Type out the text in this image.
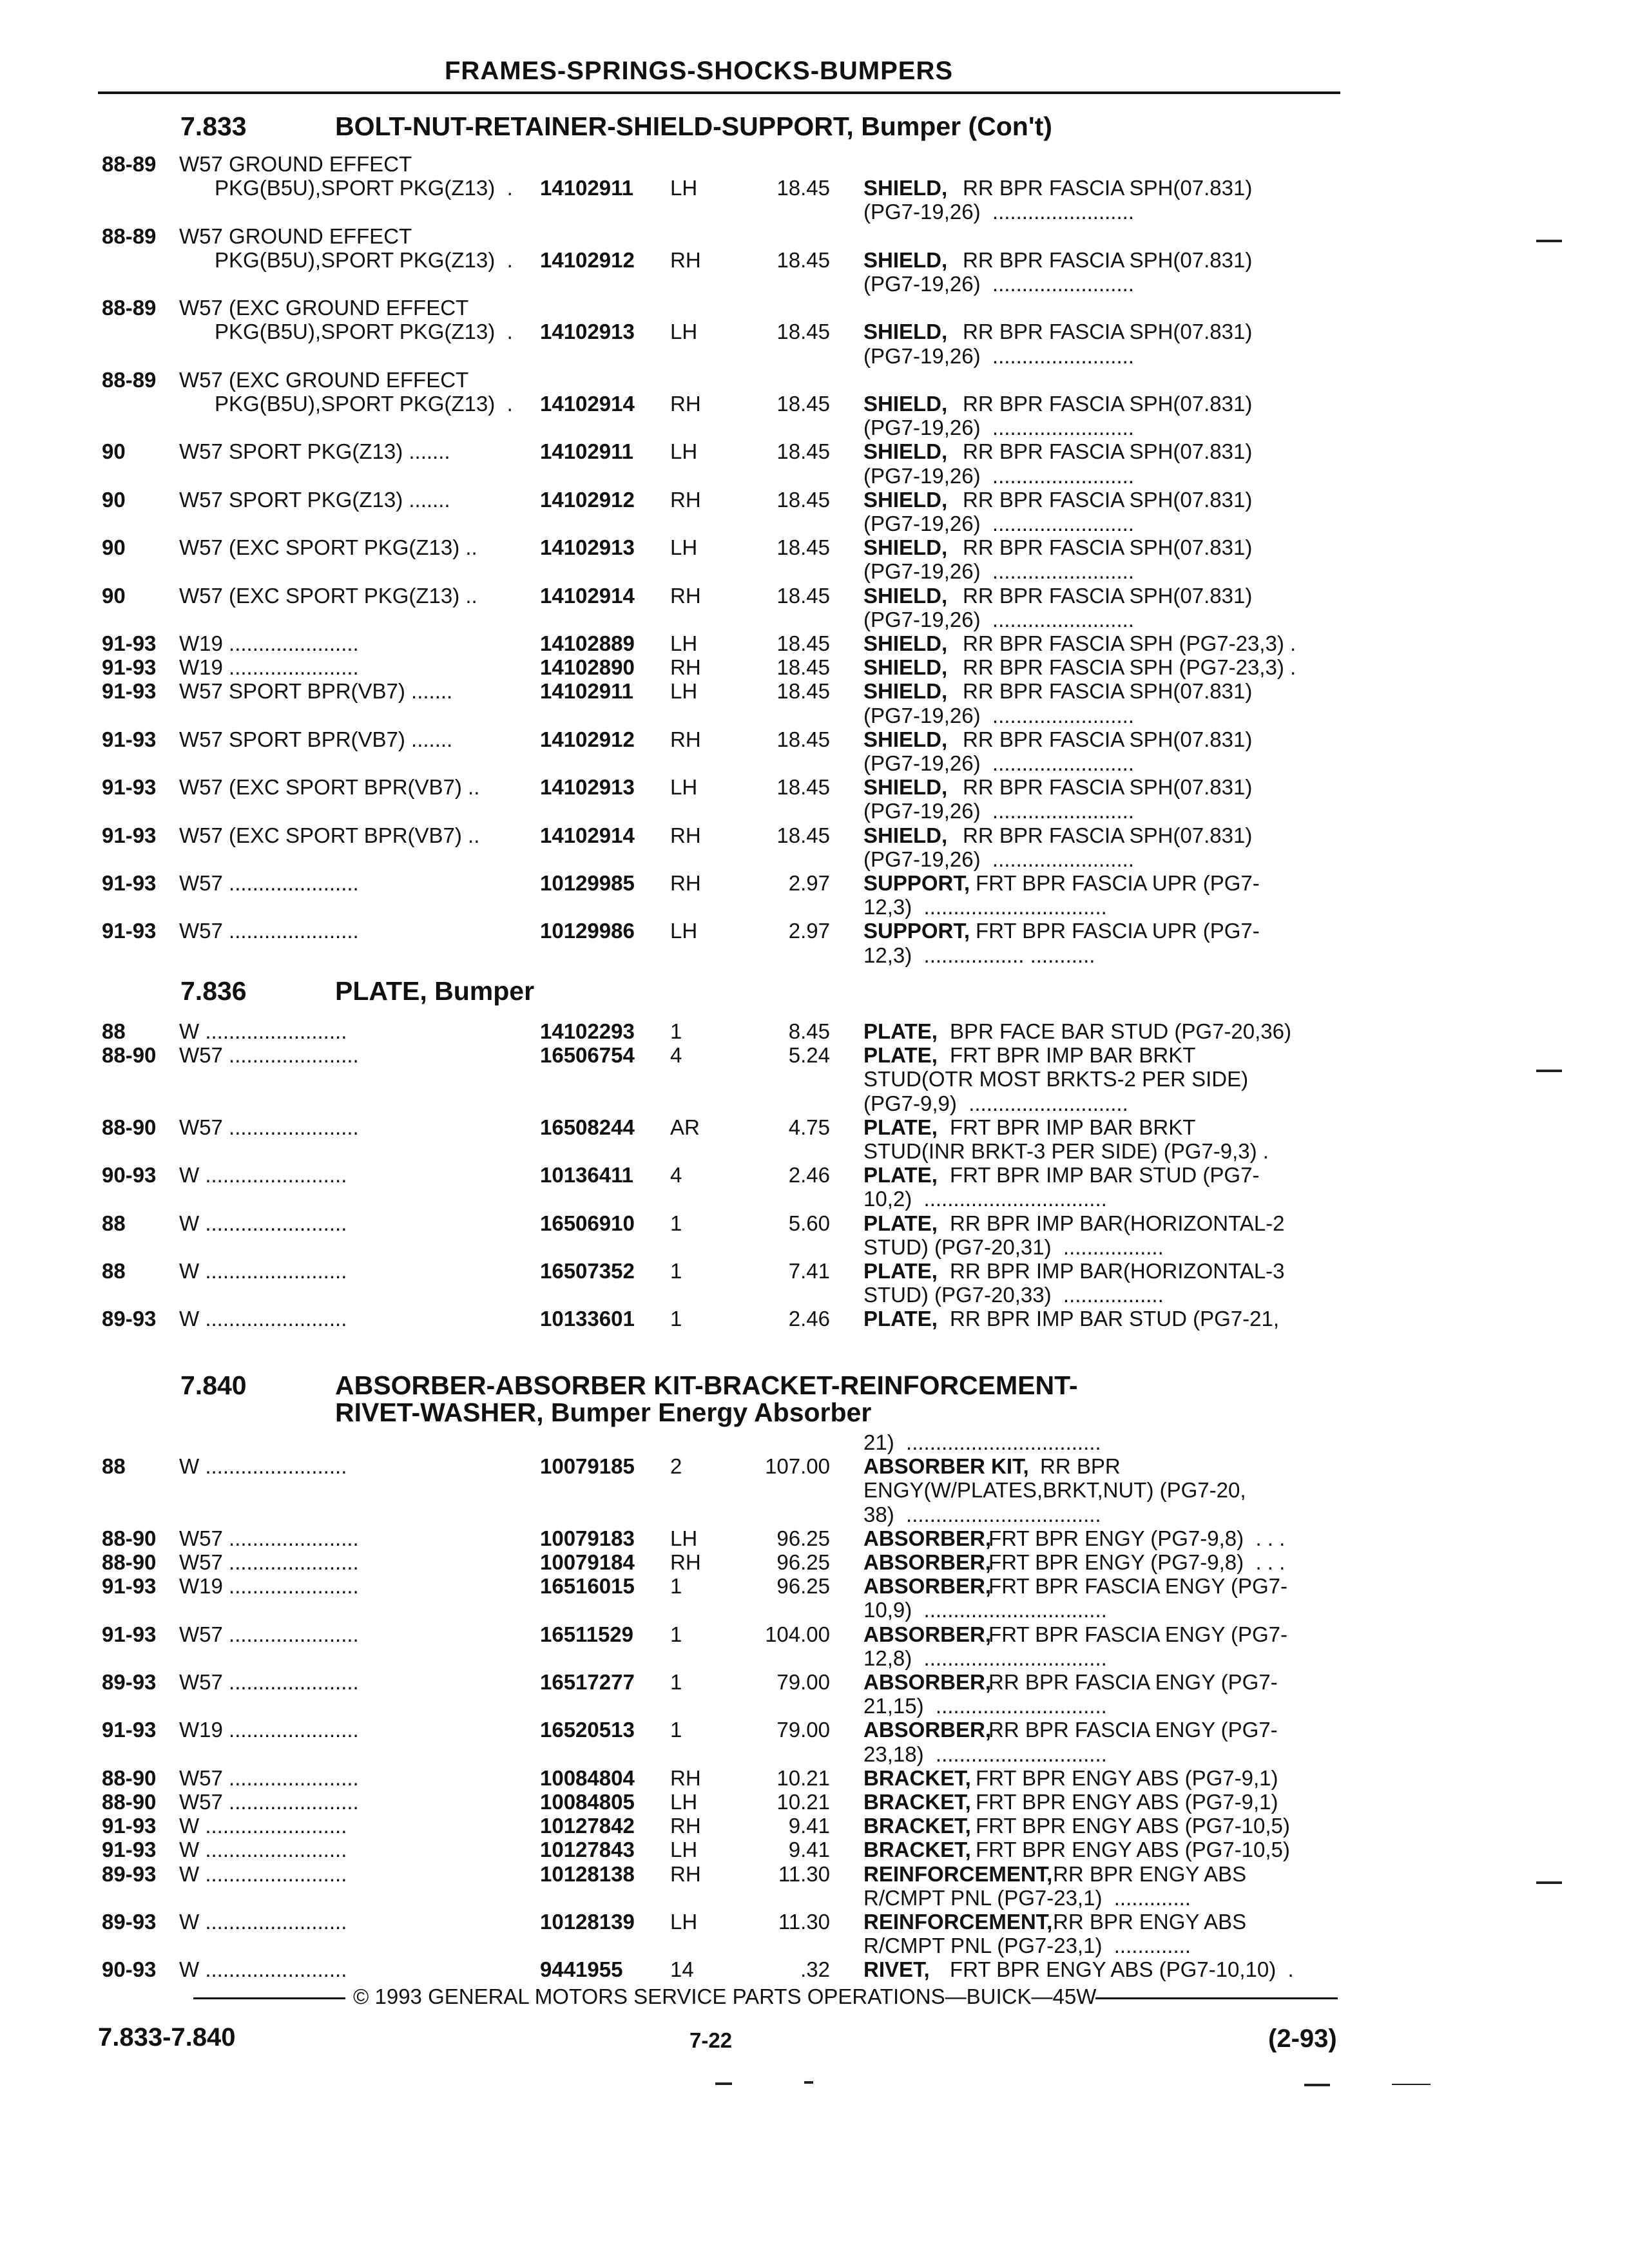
FRAMES-SPRINGS-SHOCKS-BUMPERS
7.833	BOLT-NUT-RETAINER-SHIELD-SUPPORT, Bumper (Con't)
7.836	PLATE, Bumper
7.840	ABSORBER-ABSORBER KIT-BRACKET-REINFORCEMENT-
RIVET-WASHER, Bumper Energy Absorber
88-89 W57 GROUND EFFECT
PKG(B5U),SPORT PKG(Z13)  . 14102911 LH	18.45 SHIELD, RR BPR FASCIA SPH(07.831)
(PG7-19,26)  ........................
88-89 W57 GROUND EFFECT
PKG(B5U),SPORT PKG(Z13)  . 14102912 RH	18.45 SHIELD, RR BPR FASCIA SPH(07.831)
(PG7-19,26)  ........................
88-89 W57 (EXC GROUND EFFECT
PKG(B5U),SPORT PKG(Z13)  . 14102913 LH	18.45 SHIELD, RR BPR FASCIA SPH(07.831)
(PG7-19,26)  ........................
88-89 W57 (EXC GROUND EFFECT
PKG(B5U),SPORT PKG(Z13)  . 14102914 RH	18.45 SHIELD, RR BPR FASCIA SPH(07.831)
(PG7-19,26)  ........................
90	W57 SPORT PKG(Z13) .......	14102911 LH	18.45 SHIELD, RR BPR FASCIA SPH(07.831)
(PG7-19,26)  ........................
90	W57 SPORT PKG(Z13) .......	14102912 RH	18.45 SHIELD, RR BPR FASCIA SPH(07.831)
(PG7-19,26)  ........................
90	W57 (EXC SPORT PKG(Z13) ..	14102913 LH	18.45 SHIELD, RR BPR FASCIA SPH(07.831)
(PG7-19,26)  ........................
90	W57 (EXC SPORT PKG(Z13) ..	14102914 RH	18.45 SHIELD, RR BPR FASCIA SPH(07.831)
(PG7-19,26)  ........................
91-93 W19 ......................	14102889 LH	18.45 SHIELD, RR BPR FASCIA SPH (PG7-23,3) .
91-93 W19 ......................	14102890 RH	18.45 SHIELD, RR BPR FASCIA SPH (PG7-23,3) .
91-93 W57 SPORT BPR(VB7) .......	14102911 LH	18.45 SHIELD, RR BPR FASCIA SPH(07.831)
(PG7-19,26)  ........................
91-93 W57 SPORT BPR(VB7) .......	14102912 RH	18.45 SHIELD, RR BPR FASCIA SPH(07.831)
(PG7-19,26)  ........................
91-93 W57 (EXC SPORT BPR(VB7) ..	14102913 LH	18.45 SHIELD, RR BPR FASCIA SPH(07.831)
(PG7-19,26)  ........................
91-93 W57 (EXC SPORT BPR(VB7) ..	14102914 RH	18.45 SHIELD, RR BPR FASCIA SPH(07.831)
(PG7-19,26)  ........................
91-93 W57 ......................	10129985 RH	2.97 SUPPORT, FRT BPR FASCIA UPR (PG7-
12,3)  ...............................
91-93 W57 ......................	10129986 LH	2.97 SUPPORT, FRT BPR FASCIA UPR (PG7-
12,3)  ................. ...........
88	W ........................	14102293 1	8.45 PLATE, BPR FACE BAR STUD (PG7-20,36)
88-90 W57 ......................	16506754 4	5.24 PLATE, FRT BPR IMP BAR BRKT
STUD(OTR MOST BRKTS-2 PER SIDE)
(PG7-9,9)  ...........................
88-90 W57 ......................	16508244 AR	4.75 PLATE, FRT BPR IMP BAR BRKT
STUD(INR BRKT-3 PER SIDE) (PG7-9,3) .
90-93 W ........................	10136411 4	2.46 PLATE, FRT BPR IMP BAR STUD (PG7-
10,2)  ...............................
88	W ........................	16506910 1	5.60 PLATE, RR BPR IMP BAR(HORIZONTAL-2
STUD) (PG7-20,31)  .................
88	W ........................	16507352 1	7.41 PLATE, RR BPR IMP BAR(HORIZONTAL-3
STUD) (PG7-20,33)  .................
89-93 W ........................	10133601 1	2.46 PLATE, RR BPR IMP BAR STUD (PG7-21,
21)  .................................
88	W ........................	10079185 2	107.00 ABSORBER KIT, RR BPR
ENGY(W/PLATES,BRKT,NUT) (PG7-20,
38)  .................................
88-90 W57 ......................	10079183 LH	96.25 ABSORBER,
FRT BPR ENGY (PG7-9,8)  . . .
88-90 W57 ......................	10079184 RH	96.25 ABSORBER,
FRT BPR ENGY (PG7-9,8)  . . .
91-93 W19 ......................	16516015 1	96.25 ABSORBER,
FRT BPR FASCIA ENGY (PG7-
10,9)  ...............................
91-93 W57 ......................	16511529 1	104.00 ABSORBER,
FRT BPR FASCIA ENGY (PG7-
12,8)  ...............................
89-93 W57 ......................	16517277 1	79.00 ABSORBER,
RR BPR FASCIA ENGY (PG7-
21,15)  .............................
91-93 W19 ......................	16520513 1	79.00 ABSORBER,
RR BPR FASCIA ENGY (PG7-
23,18)  .............................
88-90 W57 ......................	10084804 RH	10.21 BRACKET, FRT BPR ENGY ABS (PG7-9,1)
88-90 W57 ......................	10084805 LH	10.21 BRACKET, FRT BPR ENGY ABS (PG7-9,1)
91-93 W ........................	10127842 RH	9.41 BRACKET, FRT BPR ENGY ABS (PG7-10,5)
91-93 W ........................	10127843 LH	9.41 BRACKET, FRT BPR ENGY ABS (PG7-10,5)
89-93 W ........................	10128138 RH	11.30 REINFORCEMENT, RR BPR ENGY ABS
R/CMPT PNL (PG7-23,1)  .............
89-93 W ........................	10128139 LH	11.30 REINFORCEMENT, RR BPR ENGY ABS
R/CMPT PNL (PG7-23,1)  .............
90-93 W ........................	9441955 14	.32 RIVET, FRT BPR ENGY ABS (PG7-10,10)  .
© 1993 GENERAL MOTORS SERVICE PARTS OPERATIONS—BUICK—45W
7.833-7.840	7-22	(2-93)
